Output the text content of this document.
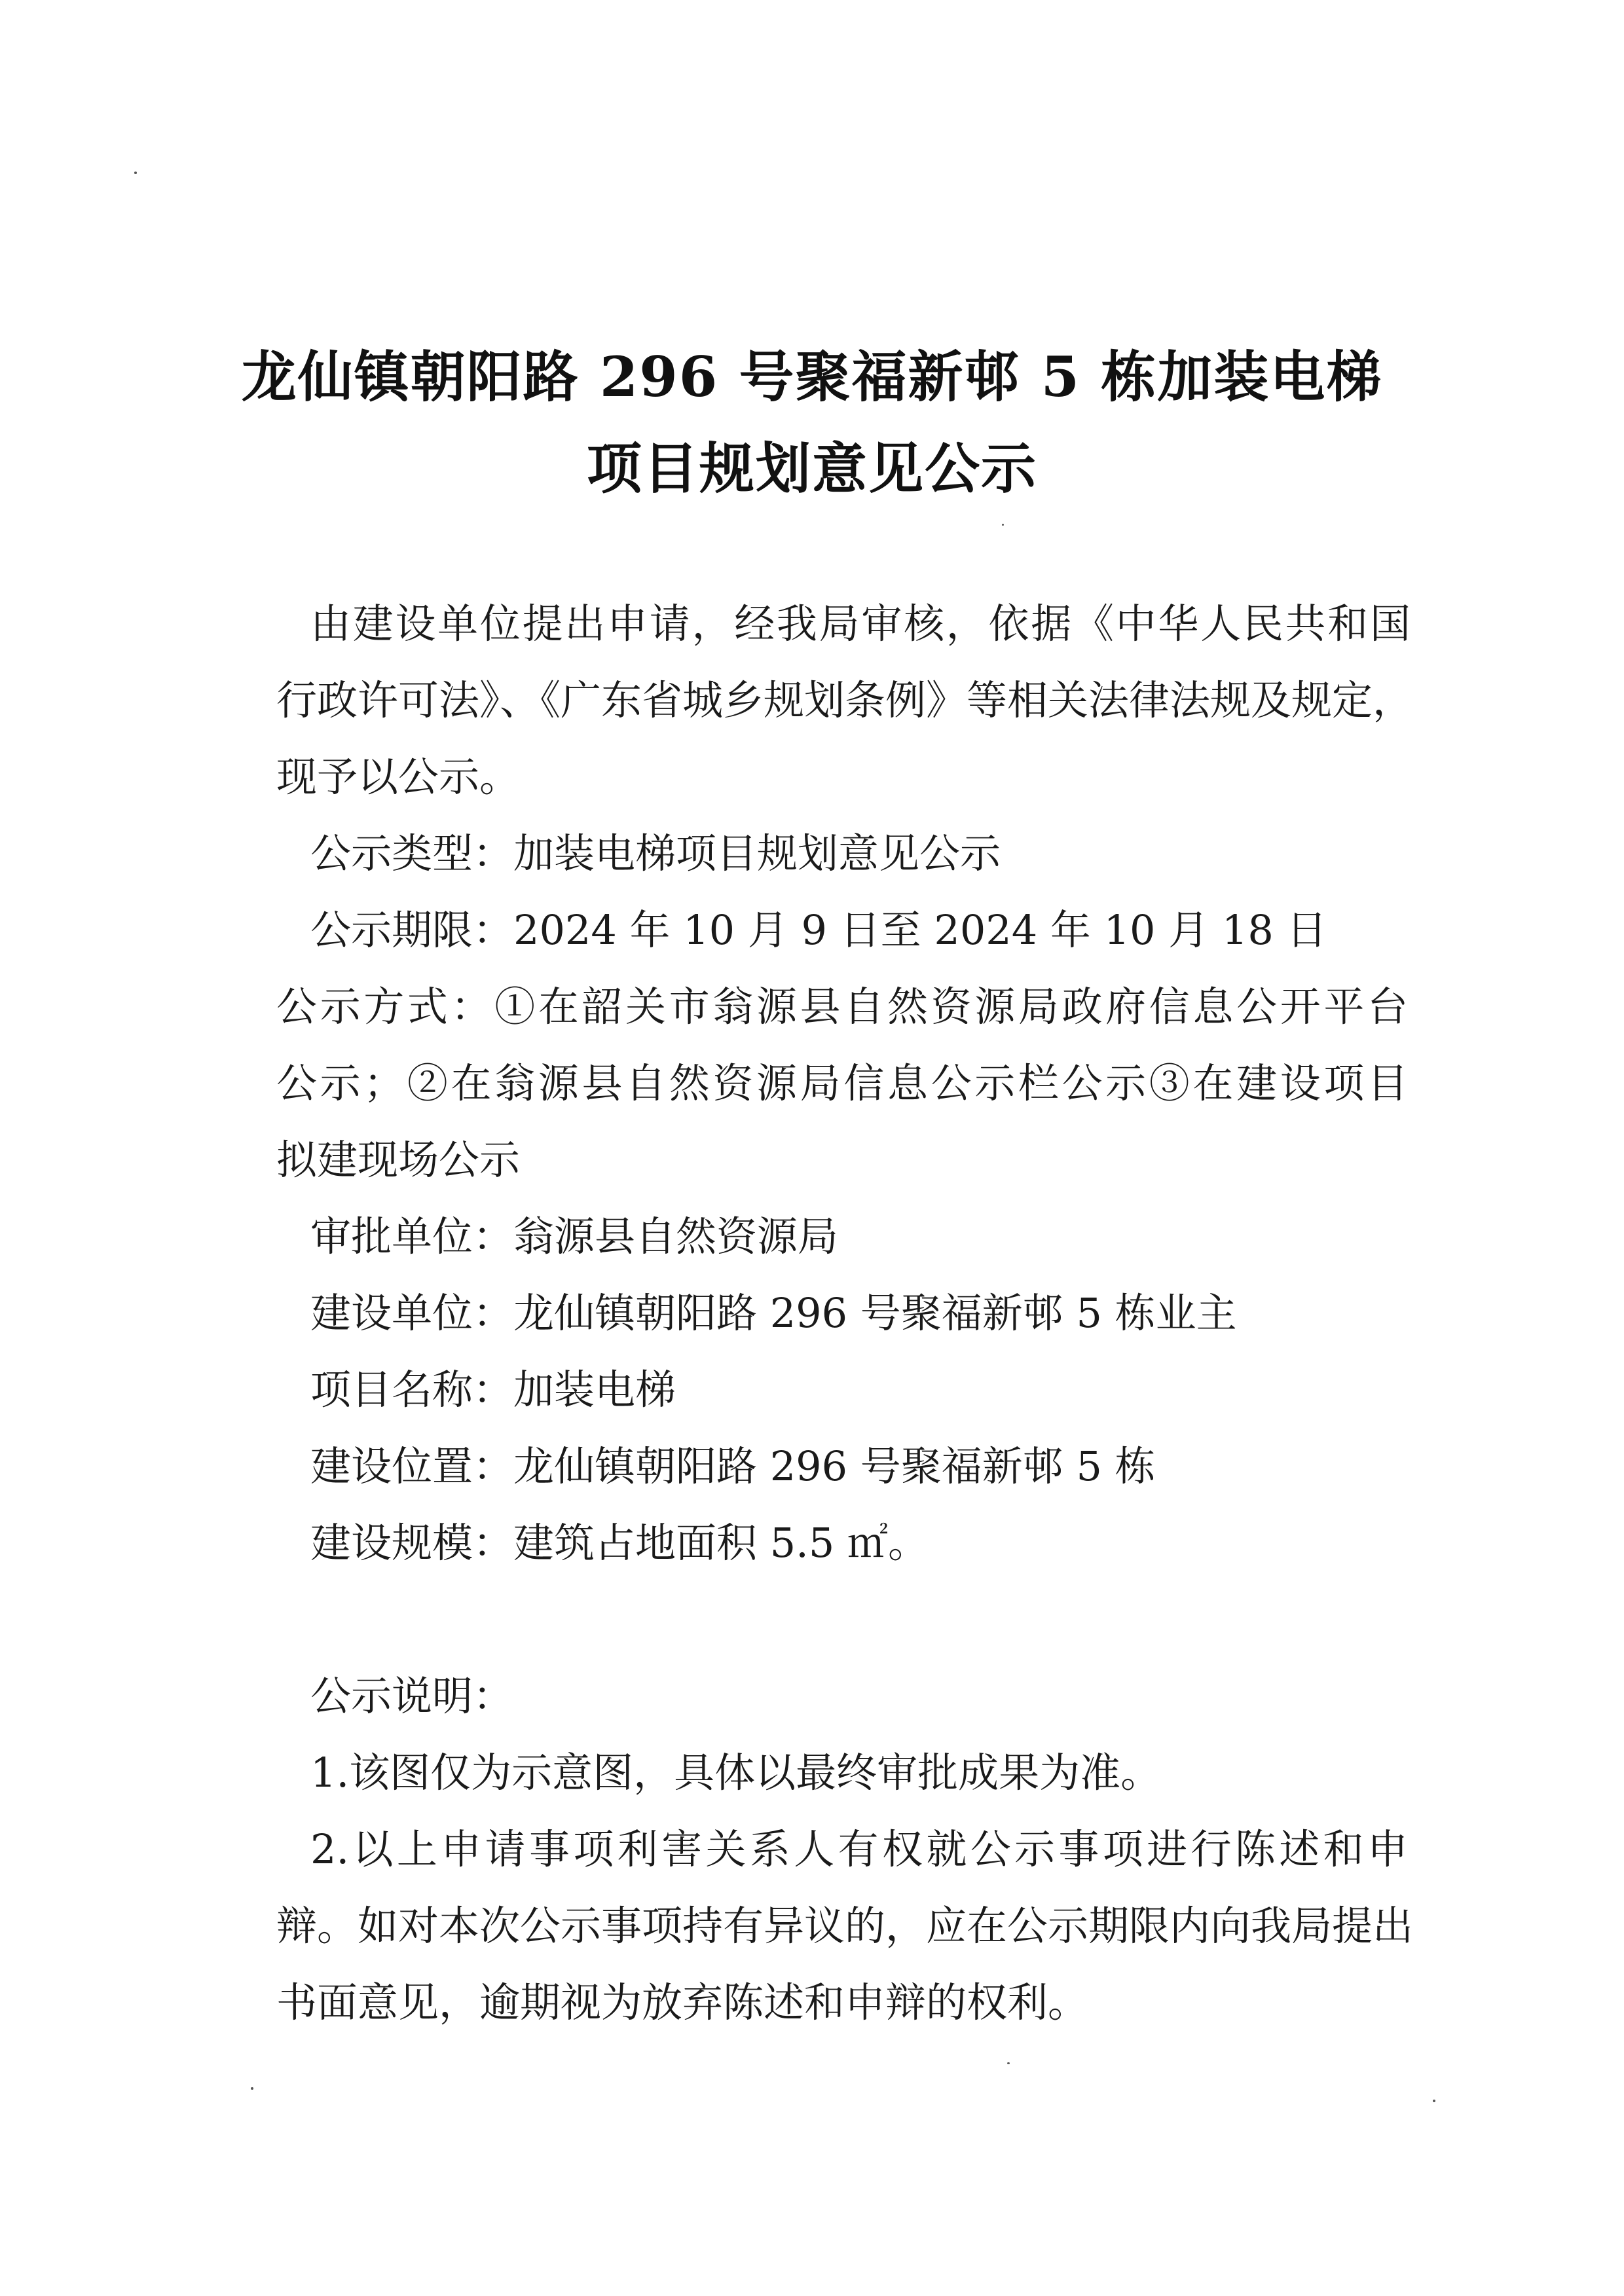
龙仙镇朝阳路 296 号聚福新邨 5 栋加装电梯
项目规划意见公示
由建设单位提出申请，经我局审核，依据《中华人民共和国
行政许可法》、《广东省城乡规划条例》等相关法律法规及规定，
现予以公示。
公示类型：加装电梯项目规划意见公示
公示期限：2024 年 10 月 9 日至 2024 年 10 月 18 日
公示方式：①在韶关市翁源县自然资源局政府信息公开平台
公示；②在翁源县自然资源局信息公示栏公示③在建设项目
拟建现场公示
审批单位：翁源县自然资源局
建设单位：龙仙镇朝阳路 296 号聚福新邨 5 栋业主
项目名称：加装电梯
建设位置：龙仙镇朝阳路 296 号聚福新邨 5 栋
建设规模：建筑占地面积 5.5 ㎡。
公示说明：
1.该图仅为示意图，具体以最终审批成果为准。
2.以上申请事项利害关系人有权就公示事项进行陈述和申
辩。如对本次公示事项持有异议的，应在公示期限内向我局提出
书面意见，逾期视为放弃陈述和申辩的权利。
